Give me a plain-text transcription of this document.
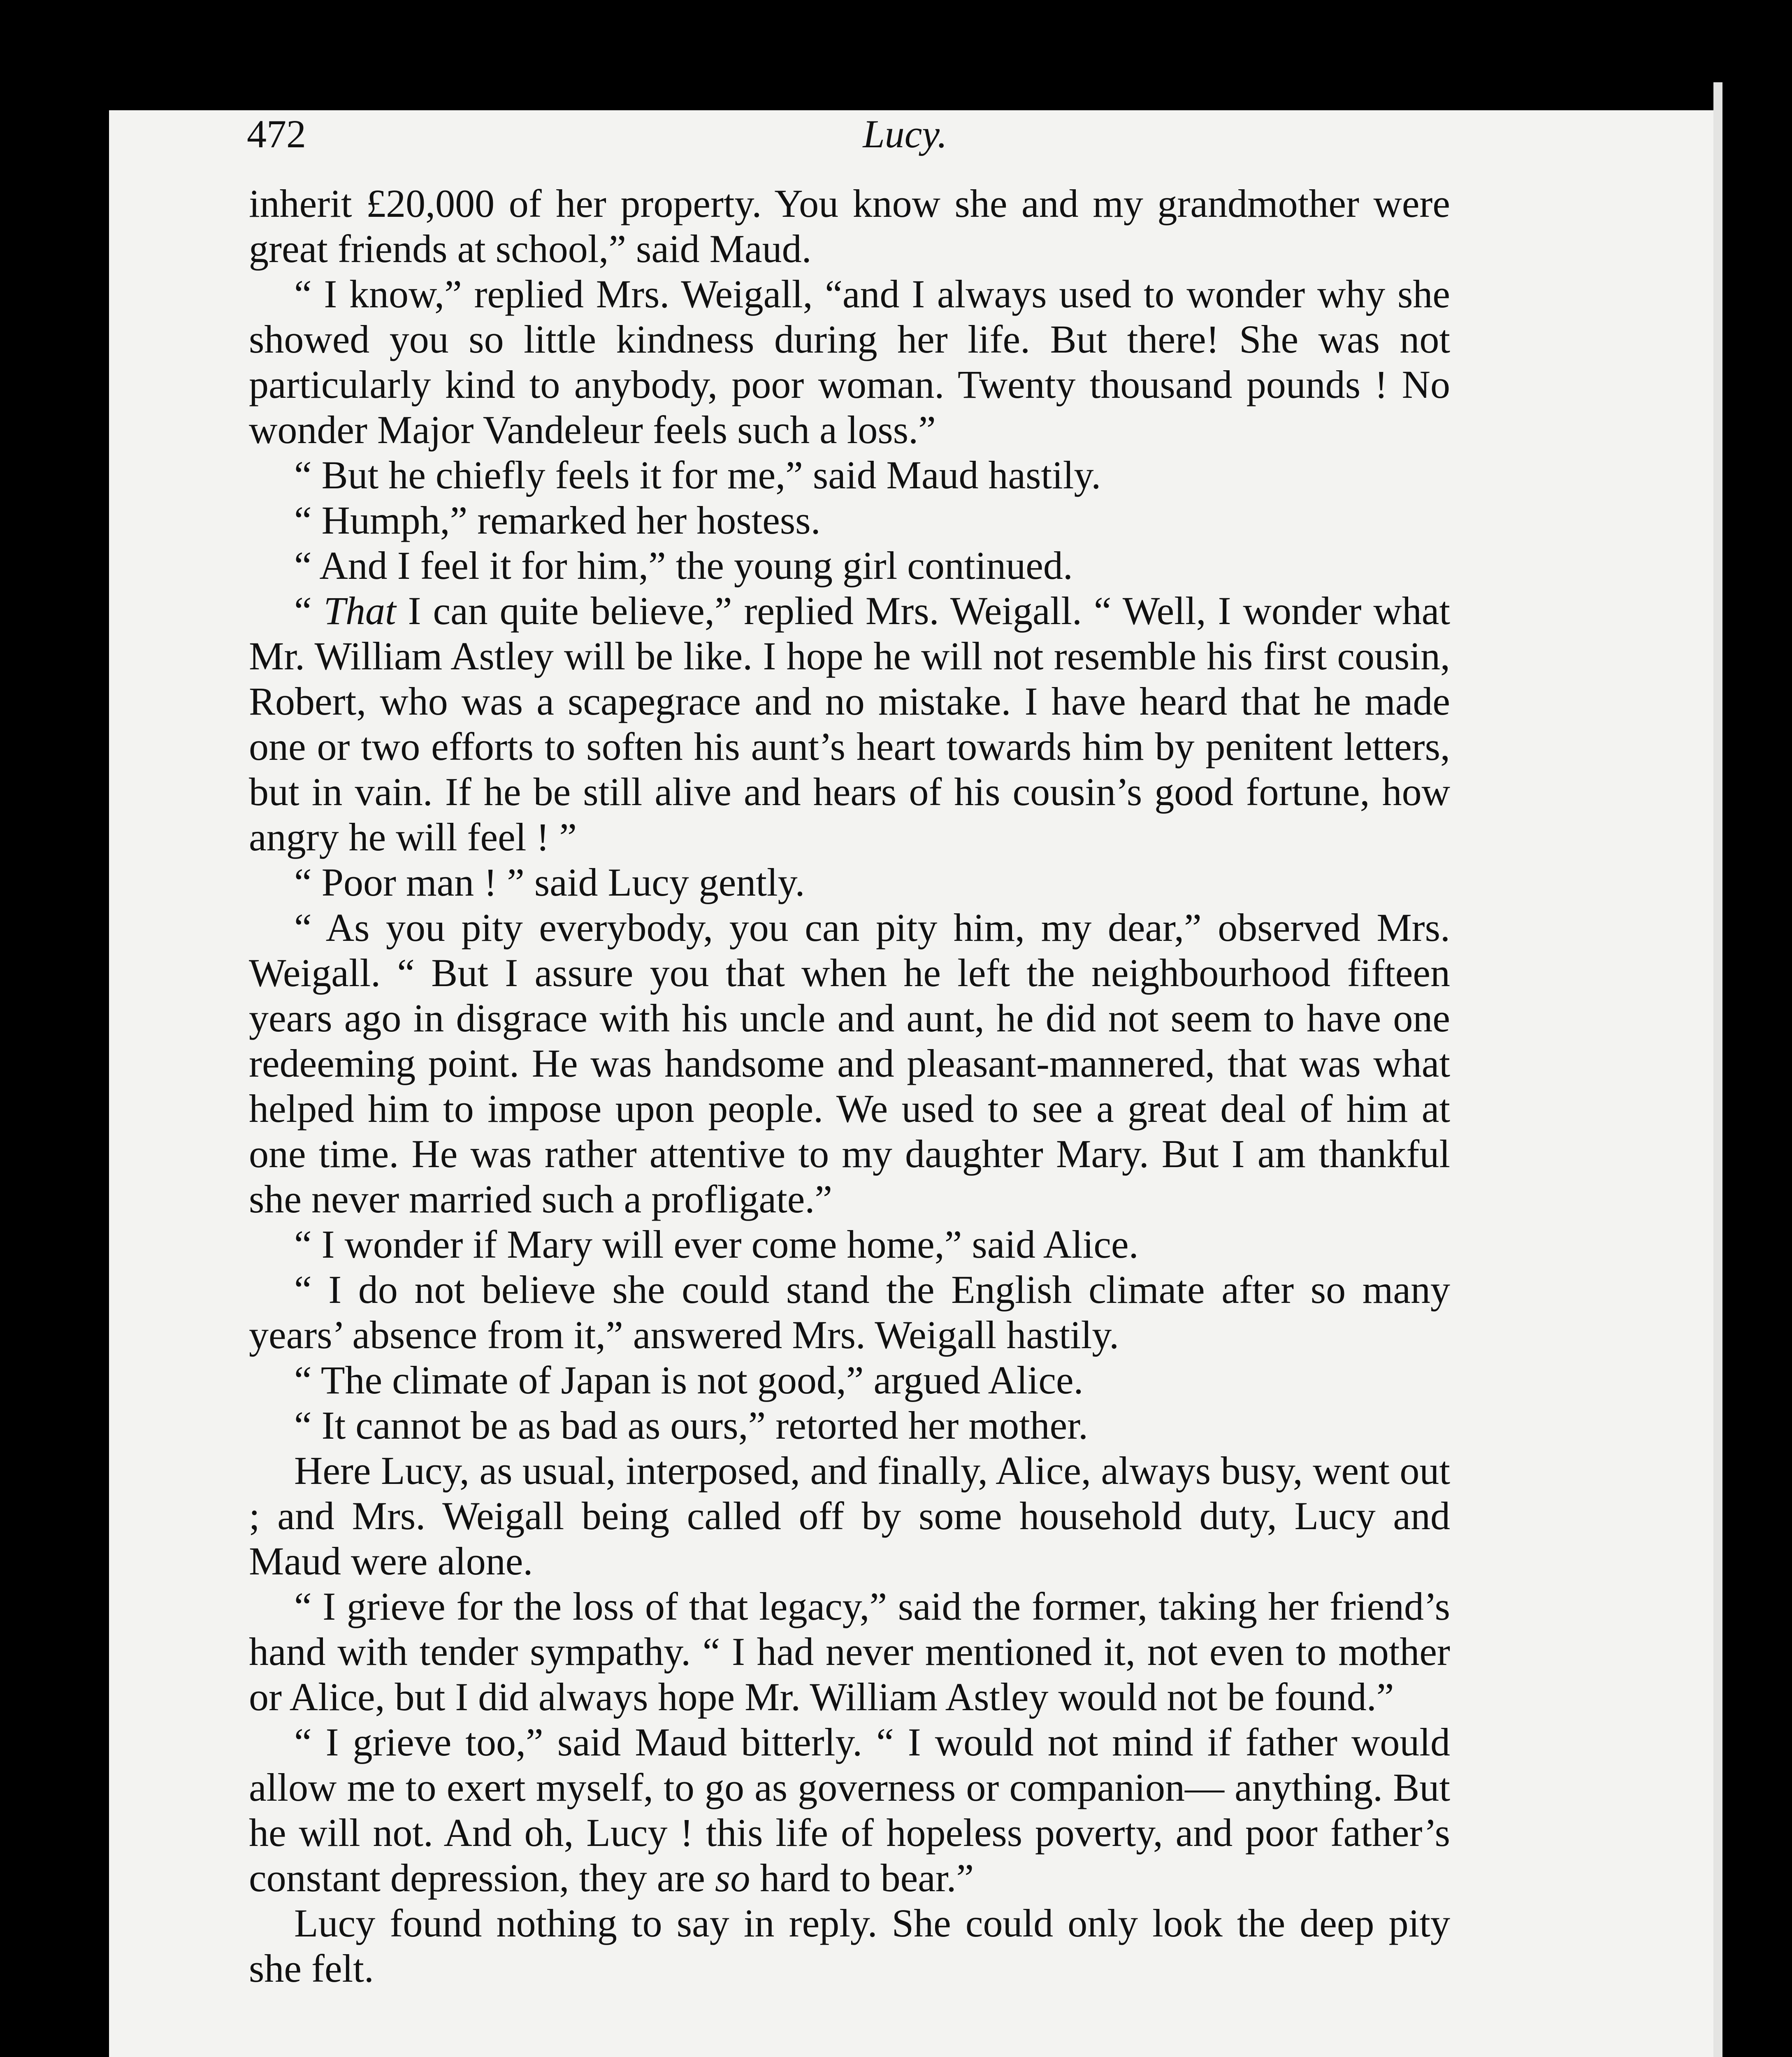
472	Lucy.

inherit £20,000 of her property. You know she and my grandmother were great friends at school,” said Maud.

“ I know,” replied Mrs. Weigall, “and I always used to wonder why she showed you so little kindness during her life. But there! She was not particularly kind to anybody, poor woman. Twenty thousand pounds ! No wonder Major Vandeleur feels such a loss.”

“ But he chiefly feels it for me,” said Maud hastily.

“ Humph,” remarked her hostess.

“ And I feel it for him,” the young girl continued.

“ That I can quite believe,” replied Mrs. Weigall. “ Well, I wonder what Mr. William Astley will be like. I hope he will not resemble his first cousin, Robert, who was a scapegrace and no mistake. I have heard that he made one or two efforts to soften his aunt’s heart towards him by penitent letters, but in vain. If he be still alive and hears of his cousin’s good fortune, how angry he will feel ! ”

“ Poor man ! ” said Lucy gently.

“ As you pity everybody, you can pity him, my dear,” observed Mrs. Weigall. “ But I assure you that when he left the neighbourhood fifteen years ago in disgrace with his uncle and aunt, he did not seem to have one redeeming point. He was handsome and pleasant-mannered, that was what helped him to impose upon people. We used to see a great deal of him at one time. He was rather attentive to my daughter Mary. But I am thankful she never married such a profligate.”

“ I wonder if Mary will ever come home,” said Alice.

“ I do not believe she could stand the English climate after so many years’ absence from it,” answered Mrs. Weigall hastily.

“ The climate of Japan is not good,” argued Alice.

“ It cannot be as bad as ours,” retorted her mother.

Here Lucy, as usual, interposed, and finally, Alice, always busy, went out ; and Mrs. Weigall being called off by some household duty, Lucy and Maud were alone.

“ I grieve for the loss of that legacy,” said the former, taking her friend’s hand with tender sympathy. “ I had never mentioned it, not even to mother or Alice, but I did always hope Mr. William Astley would not be found.”

“ I grieve too,” said Maud bitterly. “ I would not mind if father would allow me to exert myself, to go as governess or companion— anything. But he will not. And oh, Lucy ! this life of hopeless poverty, and poor father’s constant depression, they are so hard to bear.”

Lucy found nothing to say in reply. She could only look the deep pity she felt.
